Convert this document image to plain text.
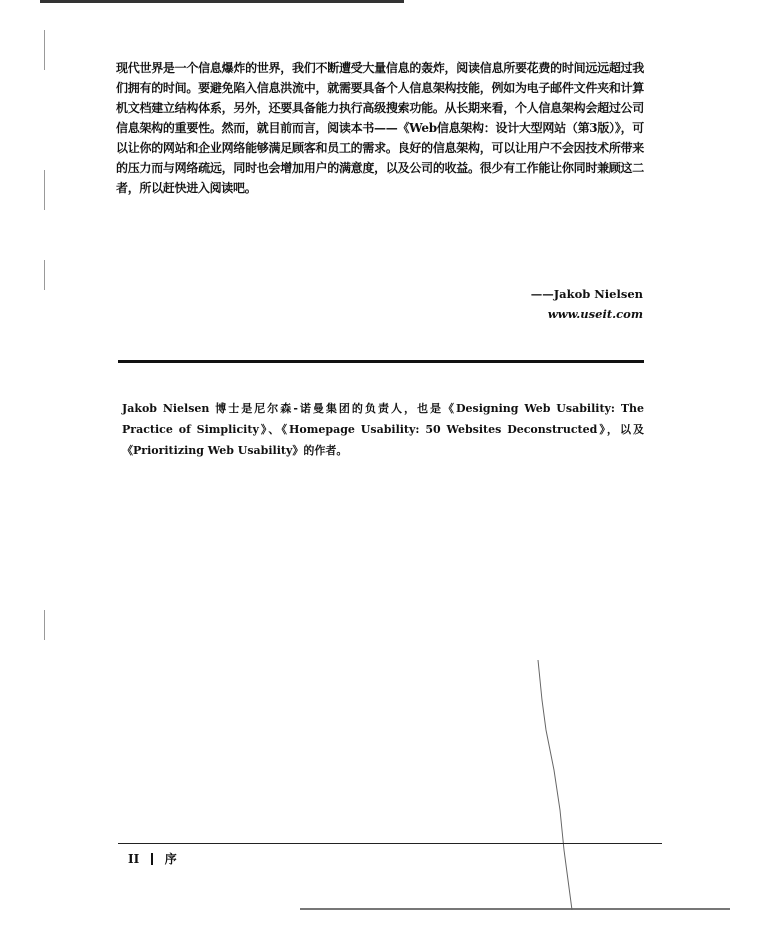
现代世界是一个信息爆炸的世界，我们不断遭受大量信息的轰炸，阅读信息所要花费的时间远远超过我们拥有的时间。要避免陷入信息洪流中，就需要具备个人信息架构技能，例如为电子邮件文件夹和计算机文档建立结构体系，另外，还要具备能力执行高级搜索功能。从长期来看，个人信息架构会超过公司信息架构的重要性。然而，就目前而言，阅读本书——《Web信息架构：设计大型网站（第3版）》，可以让你的网站和企业网络能够满足顾客和员工的需求。良好的信息架构，可以让用户不会因技术所带来的压力而与网络疏远，同时也会增加用户的满意度，以及公司的收益。很少有工作能让你同时兼顾这二者，所以赶快进入阅读吧。

——Jakob Nielsen
www.useit.com

Jakob Nielsen 博士是尼尔森-诺曼集团的负责人，也是《Designing Web Usability: The Practice of Simplicity》、《Homepage Usability: 50 Websites Deconstructed》，以及《Prioritizing Web Usability》的作者。

II 序
